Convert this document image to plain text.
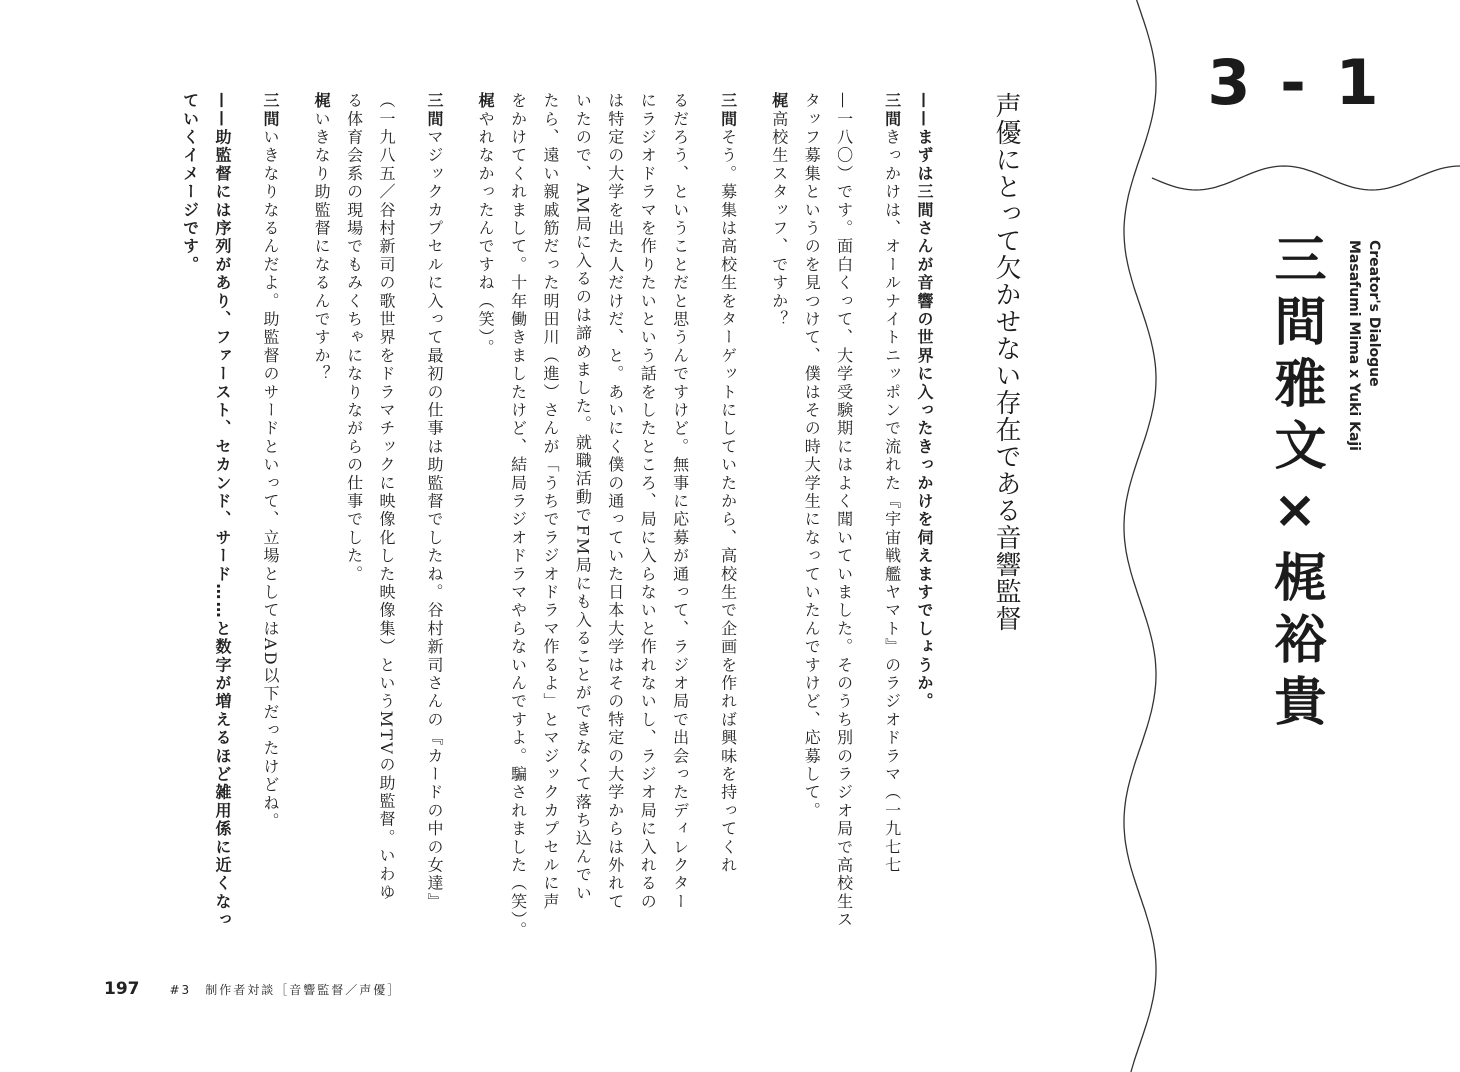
3 - 1
三間雅文×梶裕貴	Creator's Dialogue
Masafumi Mima x Yuki Kaji
声優にとって欠かせない存在である音響監督
——まずは三間さんが音響の世界に入ったきっかけを伺えますでしょうか。
三間きっかけは、オールナイトニッポンで流れた『宇宙戦艦ヤマト』のラジオドラマ（一九七七
—一八〇）です。面白くって、大学受験期にはよく聞いていました。そのうち別のラジオ局で高校生ス
タッフ募集というのを見つけて、僕はその時大学生になっていたんですけど、応募して。
梶高校生スタッフ、ですか？
三間そう。募集は高校生をターゲットにしていたから、高校生で企画を作れば興味を持ってくれ
るだろう、ということだと思うんですけど。無事に応募が通って、ラジオ局で出会ったディレクター
にラジオドラマを作りたいという話をしたところ、局に入らないと作れないし、ラジオ局に入れるの
は特定の大学を出た人だけだ、と。あいにく僕の通っていた日本大学はその特定の大学からは外れて
いたので、AM局に入るのは諦めました。就職活動でFM局にも入ることができなくて落ち込んでい
たら、遠い親戚筋だった明田川（進）さんが「うちでラジオドラマ作るよ」とマジックカプセルに声
をかけてくれまして。十年働きましたけど、結局ラジオドラマやらないんですよ。騙されました（笑）。
梶やれなかったんですね（笑）。
三間マジックカプセルに入って最初の仕事は助監督でしたね。谷村新司さんの『カードの中の女達』
（一九八五／谷村新司の歌世界をドラマチックに映像化した映像集）というMTVの助監督。いわゆ
る体育会系の現場でもみくちゃになりながらの仕事でした。
梶いきなり助監督になるんですか？
三間いきなりなるんだよ。助監督のサードといって、立場としてはAD以下だったけどね。
——助監督には序列があり、ファースト、セカンド、サード……と数字が増えるほど雑用係に近くなっ
ていくイメージです。
197	#3　制作者対談［音響監督／声優］
